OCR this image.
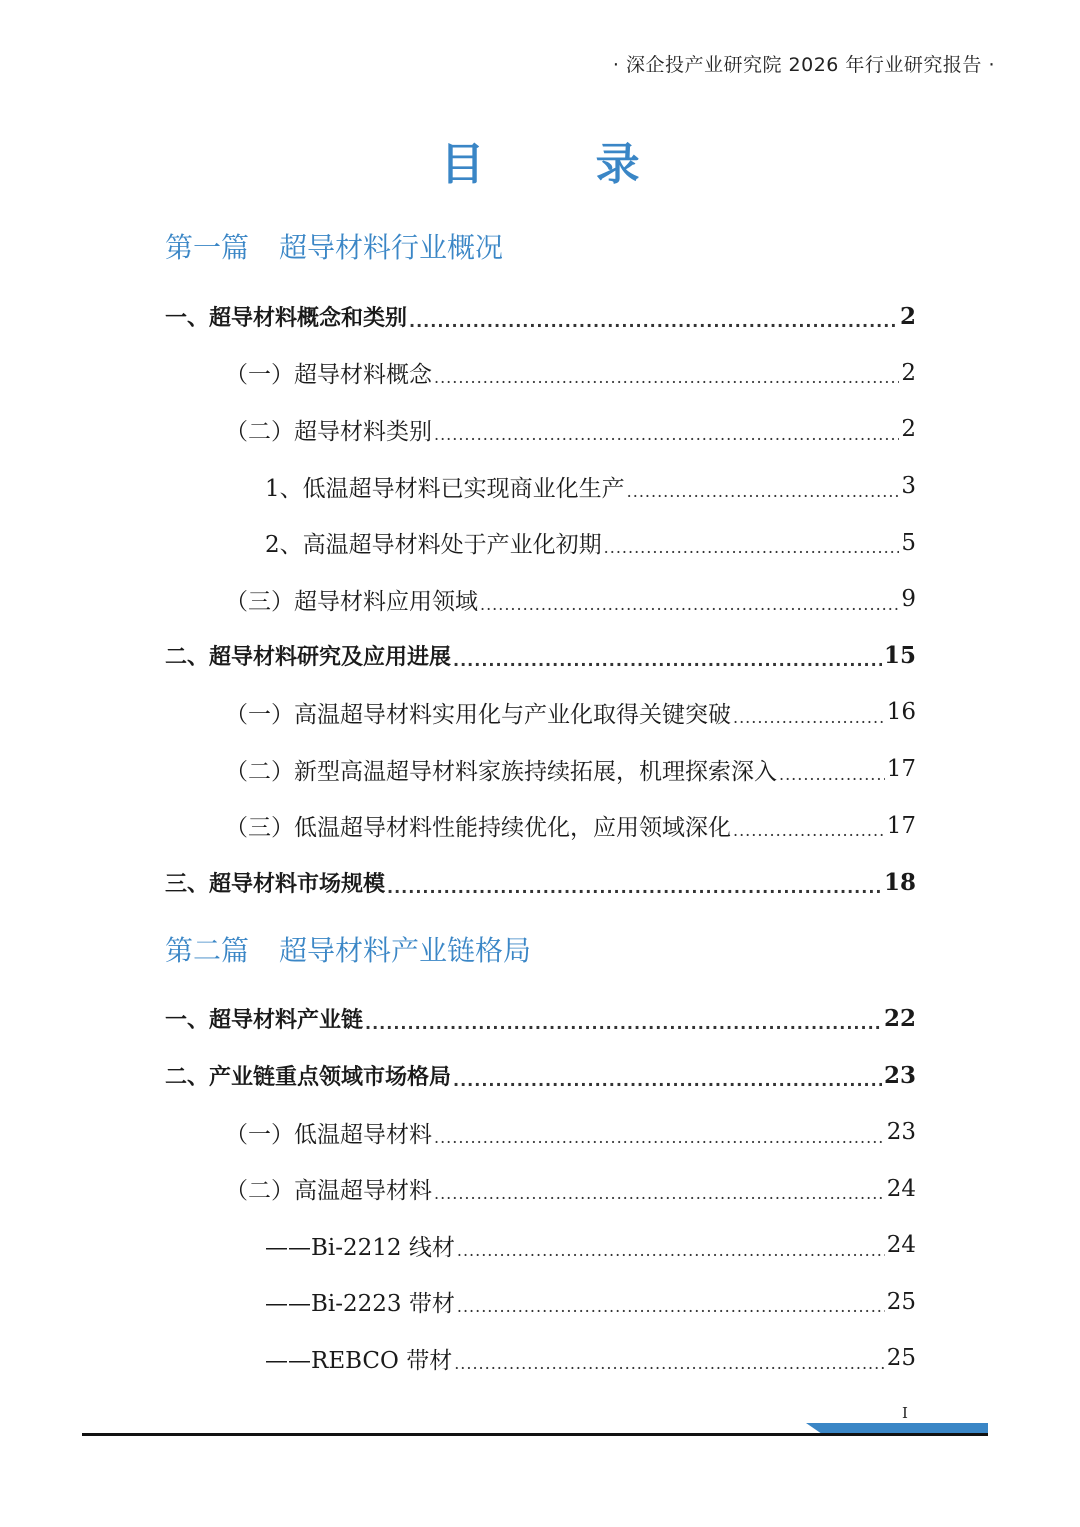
· 深企投产业研究院 2026 年行业研究报告 ·
目 录
第一篇 超导材料行业概况
一、超导材料概念和类别 .....	2
（一）超导材料概念 .....	2
（二）超导材料类别 .....	2
1、低温超导材料已实现商业化生产 .....	3
2、高温超导材料处于产业化初期 .....	5
（三）超导材料应用领域 .....	9
二、超导材料研究及应用进展 .....	15
（一）高温超导材料实用化与产业化取得关键突破 .....	16
（二）新型高温超导材料家族持续拓展，机理探索深入 .....	17
（三）低温超导材料性能持续优化，应用领域深化 .....	17
三、超导材料市场规模 .....	18
第二篇 超导材料产业链格局
一、超导材料产业链 .....	22
二、产业链重点领域市场格局 .....	23
（一）低温超导材料 .....	23
（二）高温超导材料 .....	24
——Bi-2212 线材 .....	24
——Bi-2223 带材 .....	25
——REBCO 带材 .....	25
I
